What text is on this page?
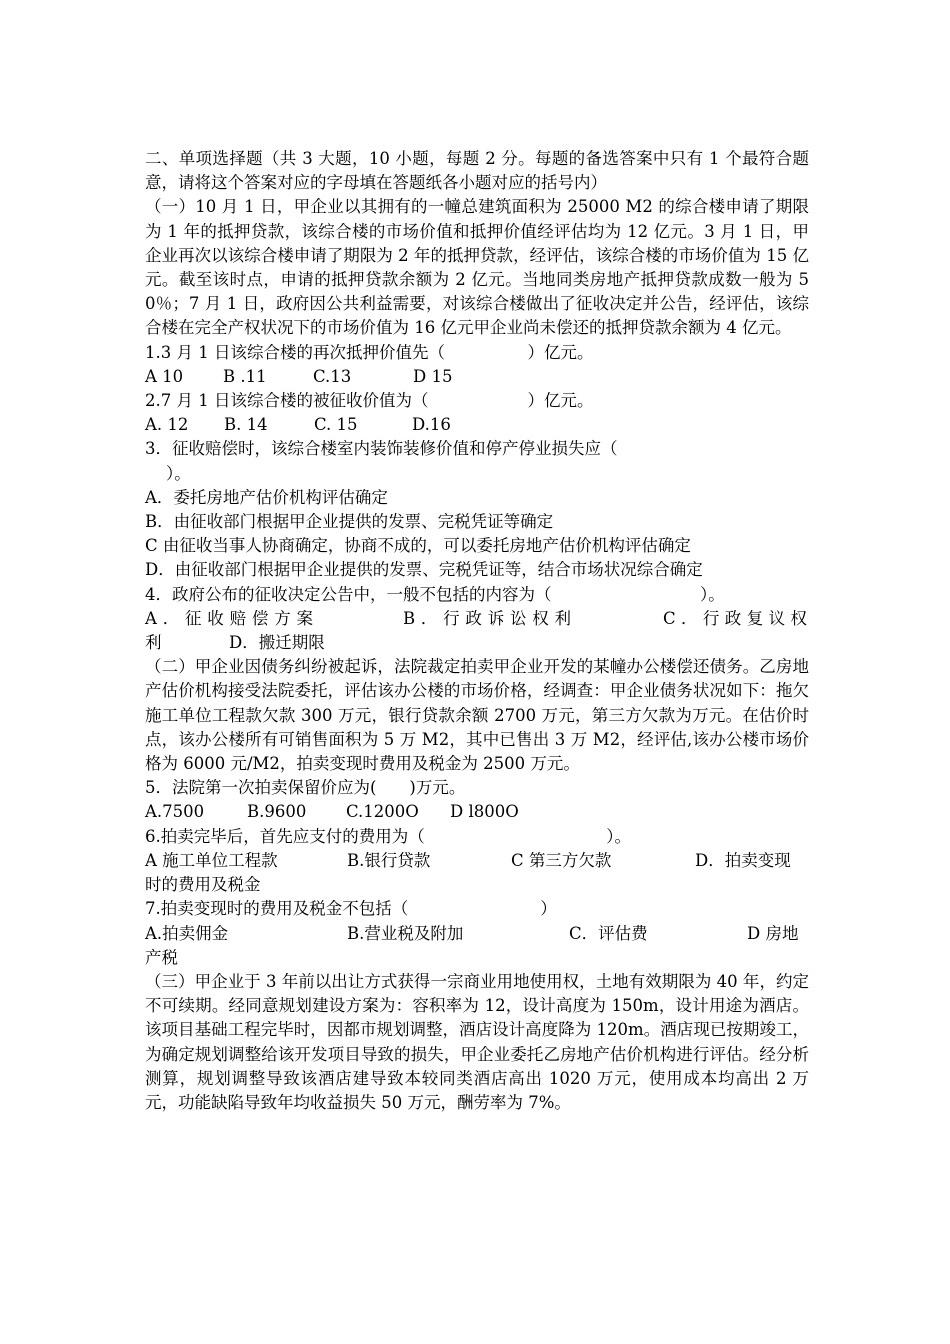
二、单项选择题（共 3 大题，10 小题，每题 2 分。每题的备选答案中只有 1 个最符合题意，请将这个答案对应的字母填在答题纸各小题对应的括号内）

（一）10 月 1 日，甲企业以其拥有的一幢总建筑面积为 25000 M2 的综合楼申请了期限为 1 年的抵押贷款，该综合楼的市场价值和抵押价值经评估均为 12 亿元。3 月 1 日，甲企业再次以该综合楼申请了期限为 2 年的抵押贷款，经评估，该综合楼的市场价值为 15 亿元。截至该时点，申请的抵押贷款余额为 2 亿元。当地同类房地产抵押贷款成数一般为 50％；7 月 1 日，政府因公共利益需要，对该综合楼做出了征收决定并公告，经评估，该综合楼在完全产权状况下的市场价值为 16 亿元甲企业尚未偿还的抵押贷款余额为 4 亿元。

1.3 月 1 日该综合楼的再次抵押价值先（　　　　　）亿元。

A 10	B .11	C.13	D 15

2.7 月 1 日该综合楼的被征收价值为（　　　　　　）亿元。

A. 12	B. 14	C. 15	D.16

3．征收赔偿时，该综合楼室内装饰装修价值和停产停业损失应（

）。

A．委托房地产估价机构评估确定

B．由征收部门根据甲企业提供的发票、完税凭证等确定

C 由征收当事人协商确定，协商不成的，可以委托房地产估价机构评估确定

D．由征收部门根据甲企业提供的发票、完税凭证等，结合市场状况综合确定

4．政府公布的征收决定公告中，一般不包括的内容为（　　　　　　　　　）。

A．征收赔偿方案	B．行政诉讼权利	C．行政复议权
利	D．搬迁期限

（二）甲企业因债务纠纷被起诉，法院裁定拍卖甲企业开发的某幢办公楼偿还债务。乙房地产估价机构接受法院委托，评估该办公楼的市场价格，经调查：甲企业债务状况如下：拖欠施工单位工程款欠款 300 万元，银行贷款余额 2700 万元，第三方欠款为万元。在估价时点，该办公楼所有可销售面积为 5 万 M2，其中已售出 3 万 M2，经评估,该办公楼市场价格为 6000 元/M2，拍卖变现时费用及税金为 2500 万元。

5．法院第一次拍卖保留价应为(　　)万元。

A.7500	B.9600	C.1200O	D l800O

6.拍卖完毕后，首先应支付的费用为（　　　　　　　　　　　）。

A 施工单位工程款	B.银行贷款	C 第三方欠款	D．拍卖变现

时的费用及税金

7.拍卖变现时的费用及税金不包括（　　　　　　　　）

A.拍卖佣金	B.营业税及附加	C．评估费	D 房地

产税

（三）甲企业于 3 年前以出让方式获得一宗商业用地使用权，土地有效期限为 40 年，约定不可续期。经同意规划建设方案为：容积率为 12，设计高度为 150m，设计用途为酒店。该项目基础工程完毕时，因都市规划调整，酒店设计高度降为 120m。酒店现已按期竣工，为确定规划调整给该开发项目导致的损失，甲企业委托乙房地产估价机构进行评估。经分析测算，规划调整导致该酒店建导致本较同类酒店高出 1020 万元，使用成本均高出 2 万元，功能缺陷导致年均收益损失 50 万元，酬劳率为 7%。
